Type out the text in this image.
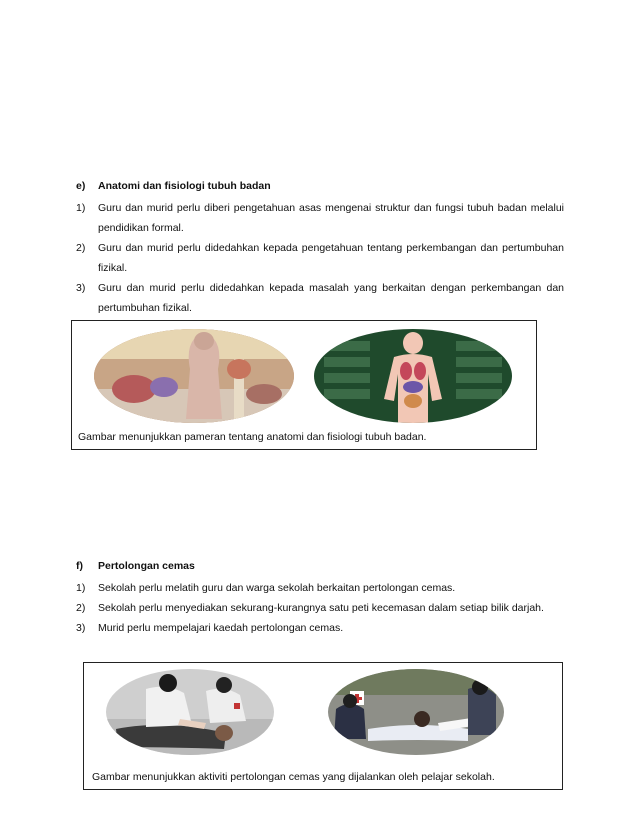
e)	Anatomi dan fisiologi tubuh badan
1)	Guru dan murid perlu diberi pengetahuan asas mengenai struktur dan fungsi tubuh badan melalui pendidikan formal.
2)	Guru dan murid perlu didedahkan kepada pengetahuan tentang perkembangan dan pertumbuhan fizikal.
3)	Guru dan murid perlu didedahkan kepada masalah yang berkaitan dengan perkembangan dan pertumbuhan fizikal.
Gambar menunjukkan pameran tentang anatomi dan fisiologi tubuh badan.
f)	Pertolongan cemas
1)	Sekolah perlu melatih guru dan warga sekolah berkaitan pertolongan cemas.
2)	Sekolah perlu menyediakan sekurang-kurangnya satu peti kecemasan dalam setiap bilik darjah.
3)	Murid perlu mempelajari kaedah pertolongan cemas.
Gambar menunjukkan aktiviti pertolongan cemas yang dijalankan oleh pelajar sekolah.
